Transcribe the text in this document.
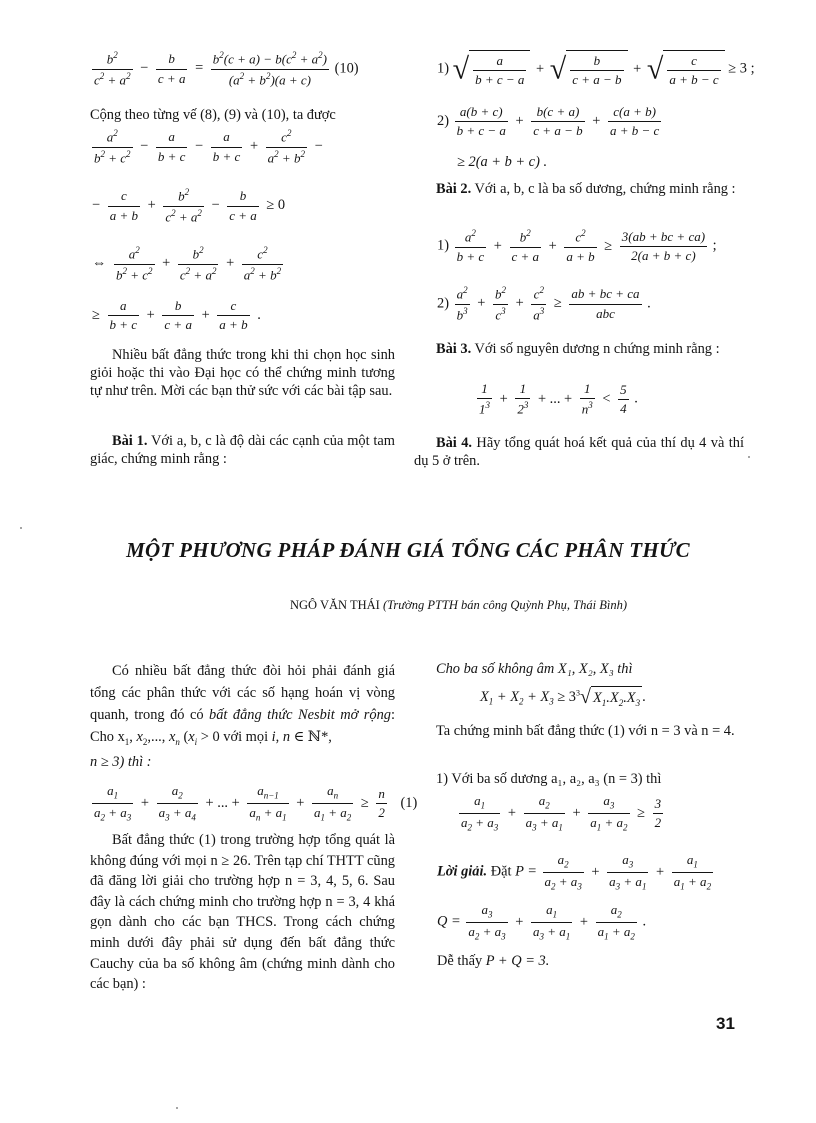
$\frac{b^2}{c^2 + a^2} - \frac{b}{c + a} = \frac{b^2(c + a) - b(c^2 + a^2)}{(a^2 + b^2)(a + c)} (10)$

Cộng theo từng vế (8), (9) và (10), ta được

$\frac{a^2}{b^2 + c^2} - \frac{a}{b + c} - \frac{a}{b + c} + \frac{c^2}{a^2 + b^2}$ −
− $\frac{c}{a + b} + \frac{b^2}{c^2 + a^2} - \frac{b}{c + a} \ge 0$
⇔ $\frac{a^2}{b^2 + c^2} + \frac{b^2}{c^2 + a^2} + \frac{c^2}{a^2 + b^2}$
≥ $\frac{a}{b + c} + \frac{b}{c + a} + \frac{c}{a + b}$ .

Nhiều bất đẳng thức trong khi thi chọn học sinh giỏi hoặc thi vào Đại học có thể chứng minh tương tự như trên. Mời các bạn thử sức với các bài tập sau.

Bài 1. Với a, b, c là độ dài các cạnh của một tam giác, chứng minh rằng :

1) √ $\frac{a}{b + c - a}$ + √ $\frac{b}{c + a - b}$ + √ $\frac{c}{a + b - c} \ge 3$ ;
$2) \frac{a(b + c)}{b + c - a} + \frac{b(c + a)}{c + a - b} + \frac{c(a + b)}{a + b - c}$
≥ 2(a + b + c) .

Bài 2. Với a, b, c là ba số dương, chứng minh rằng :

$1) \frac{a^2}{b + c} + \frac{b^2}{c + a} + \frac{c^2}{a + b} \ge \frac{3(ab + bc + ca)}{2(a + b + c)}$ ;
$2) \frac{a^2}{b^3} + \frac{b^2}{c^3} + \frac{c^2}{a^3} \ge \frac{ab + bc + ca}{\text{abc}}$ .

Bài 3. Với số nguyên dương n chứng minh rằng :

$\frac{1}{1^3} + \frac{1}{2^3}$ + ... + $\frac{1}{n^3} < \frac{5}{4}$ .

Bài 4. Hãy tổng quát hoá kết quả của thí dụ 4 và thí dụ 5 ở trên.

MỘT PHƯƠNG PHÁP ĐÁNH GIÁ TỔNG CÁC PHÂN THỨC
NGÔ VĂN THÁI (Trường PTTH bán công Quỳnh Phụ, Thái Bình)

Có nhiều bất đẳng thức đòi hỏi phải đánh giá tổng các phân thức với các số hạng hoán vị vòng quanh, trong đó có bất đẳng thức Nesbit mở rộng: Cho $x_1$, $x_2$,..., $x_n$ ($x_i > 0$ với mọi i, n ∈ ℕ*,

n ≥ 3) thì :
$\frac{a_1}{a_2 + a_3} + \frac{a_2}{a_3 + a_4}$ + ... + $\frac{a_{n-1}}{a_n + a_1} + \frac{a_n}{a_1 + a_2} \ge \frac{n}{2} (1)$

Bất đẳng thức (1) trong trường hợp tổng quát là không đúng với mọi n ≥ 26. Trên tạp chí THTT cũng đã đăng lời giải cho trường hợp n = 3, 4, 5, 6. Sau đây là cách chứng minh cho trường hợp n = 3, 4 khá gọn dành cho các bạn THCS. Trong cách chứng minh dưới đây phải sử dụng đến bất đẳng thức Cauchy của ba số không âm (chứng minh dành cho các bạn) :

Cho ba số không âm X₁, X₂, X₃ thì

$X_1 + X_2 + X_3 \ge 3^3√$ $X_1.X_2.X_3$ .

Ta chứng minh bất đẳng thức (1) với n = 3 và n = 4.

1) Với ba số dương a₁, a₂, a₃ (n = 3) thì

$\frac{a_1}{a_2 + a_3} + \frac{a_2}{a_3 + a_1} + \frac{a_3}{a_1 + a_2} \ge \frac{3}{2}$
Lời giải. Đặt $P = \frac{a_2}{a_2 + a_3} + \frac{a_3}{a_3 + a_1} + \frac{a_1}{a_1 + a_2}$
$Q = \frac{a_3}{a_2 + a_3} + \frac{a_1}{a_3 + a_1} + \frac{a_2}{a_1 + a_2}$ .
Dễ thấy P + Q = 3.
31
